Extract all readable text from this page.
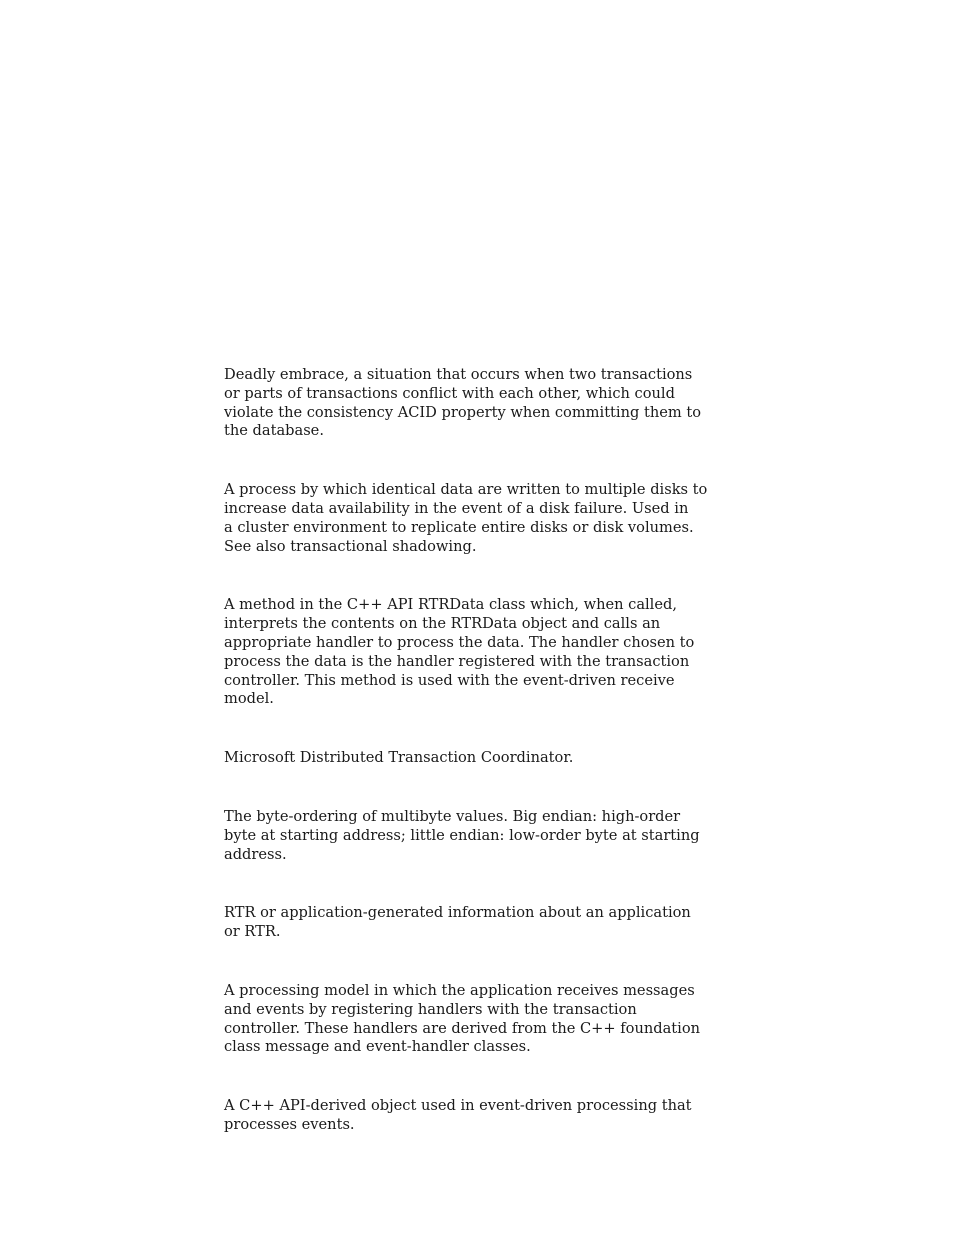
Deadly embrace, a situation that occurs when two transactions
or parts of transactions conflict with each other, which could
violate the consistency ACID property when committing them to
the database.

A process by which identical data are written to multiple disks to
increase data availability in the event of a disk failure. Used in
a cluster environment to replicate entire disks or disk volumes.
See also transactional shadowing.

A method in the C++ API RTRData class which, when called,
interprets the contents on the RTRData object and calls an
appropriate handler to process the data. The handler chosen to
process the data is the handler registered with the transaction
controller. This method is used with the event-driven receive
model.

Microsoft Distributed Transaction Coordinator.

The byte-ordering of multibyte values. Big endian: high-order
byte at starting address; little endian: low-order byte at starting
address.

RTR or application-generated information about an application
or RTR.

A processing model in which the application receives messages
and events by registering handlers with the transaction
controller. These handlers are derived from the C++ foundation
class message and event-handler classes.

A C++ API-derived object used in event-driven processing that
processes events.
